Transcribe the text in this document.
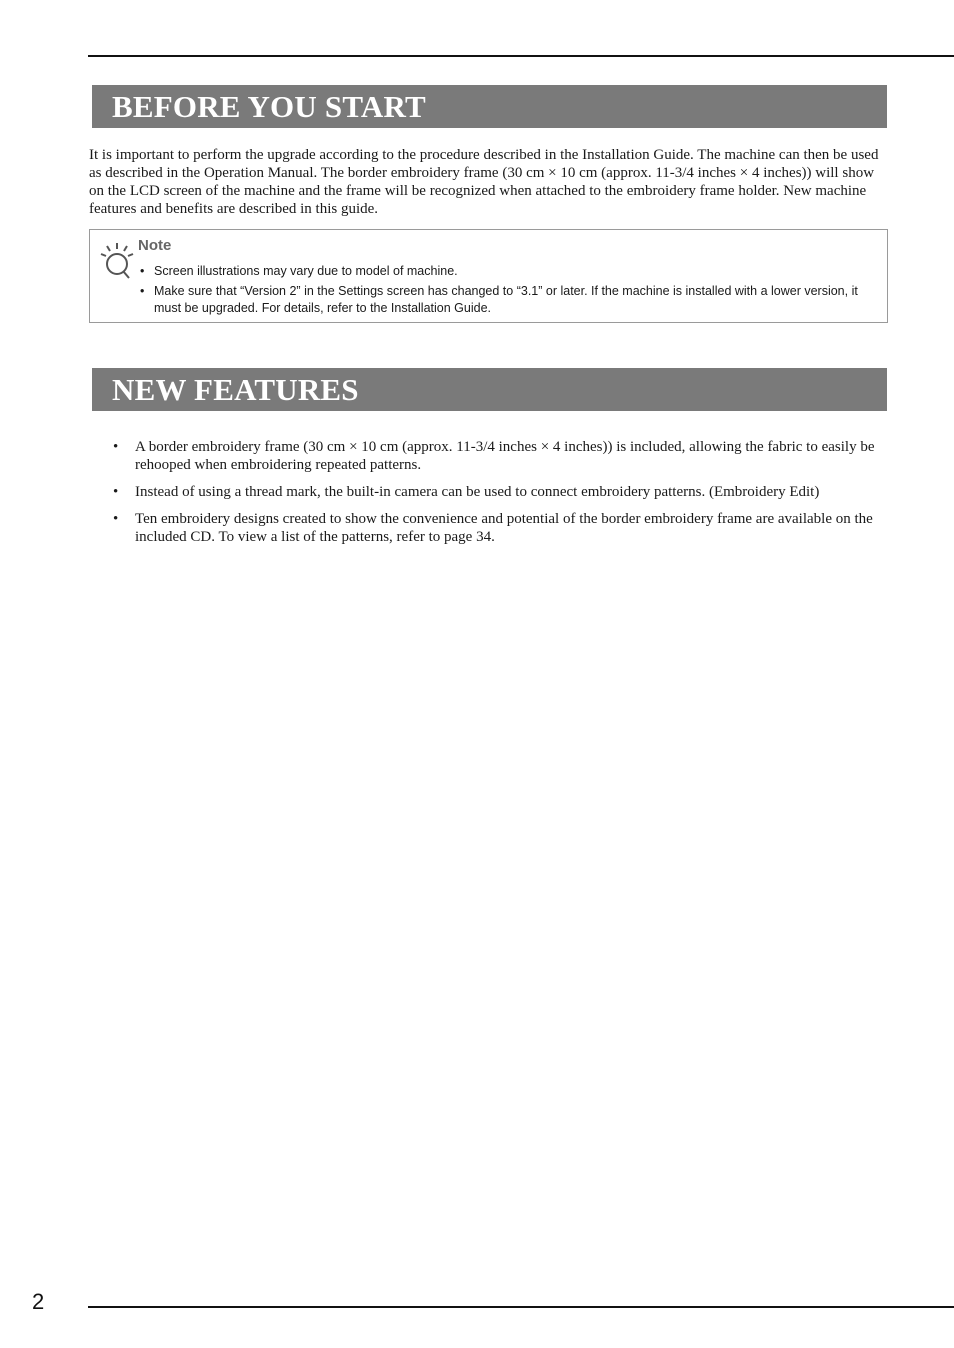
BEFORE YOU START

It is important to perform the upgrade according to the procedure described in the Installation Guide. The machine can then be used as described in the Operation Manual. The border embroidery frame (30 cm × 10 cm (approx. 11-3/4 inches × 4 inches)) will show on the LCD screen of the machine and the frame will be recognized when attached to the embroidery frame holder. New machine features and benefits are described in this guide.

Note
• Screen illustrations may vary due to model of machine.
• Make sure that “Version 2” in the Settings screen has changed to “3.1” or later. If the machine is installed with a lower version, it must be upgraded. For details, refer to the Installation Guide.
NEW FEATURES
• A border embroidery frame (30 cm × 10 cm (approx. 11-3/4 inches × 4 inches)) is included, allowing the fabric to easily be rehooped when embroidering repeated patterns.
• Instead of using a thread mark, the built-in camera can be used to connect embroidery patterns. (Embroidery Edit)
• Ten embroidery designs created to show the convenience and potential of the border embroidery frame are available on the included CD. To view a list of the patterns, refer to page 34.
2
